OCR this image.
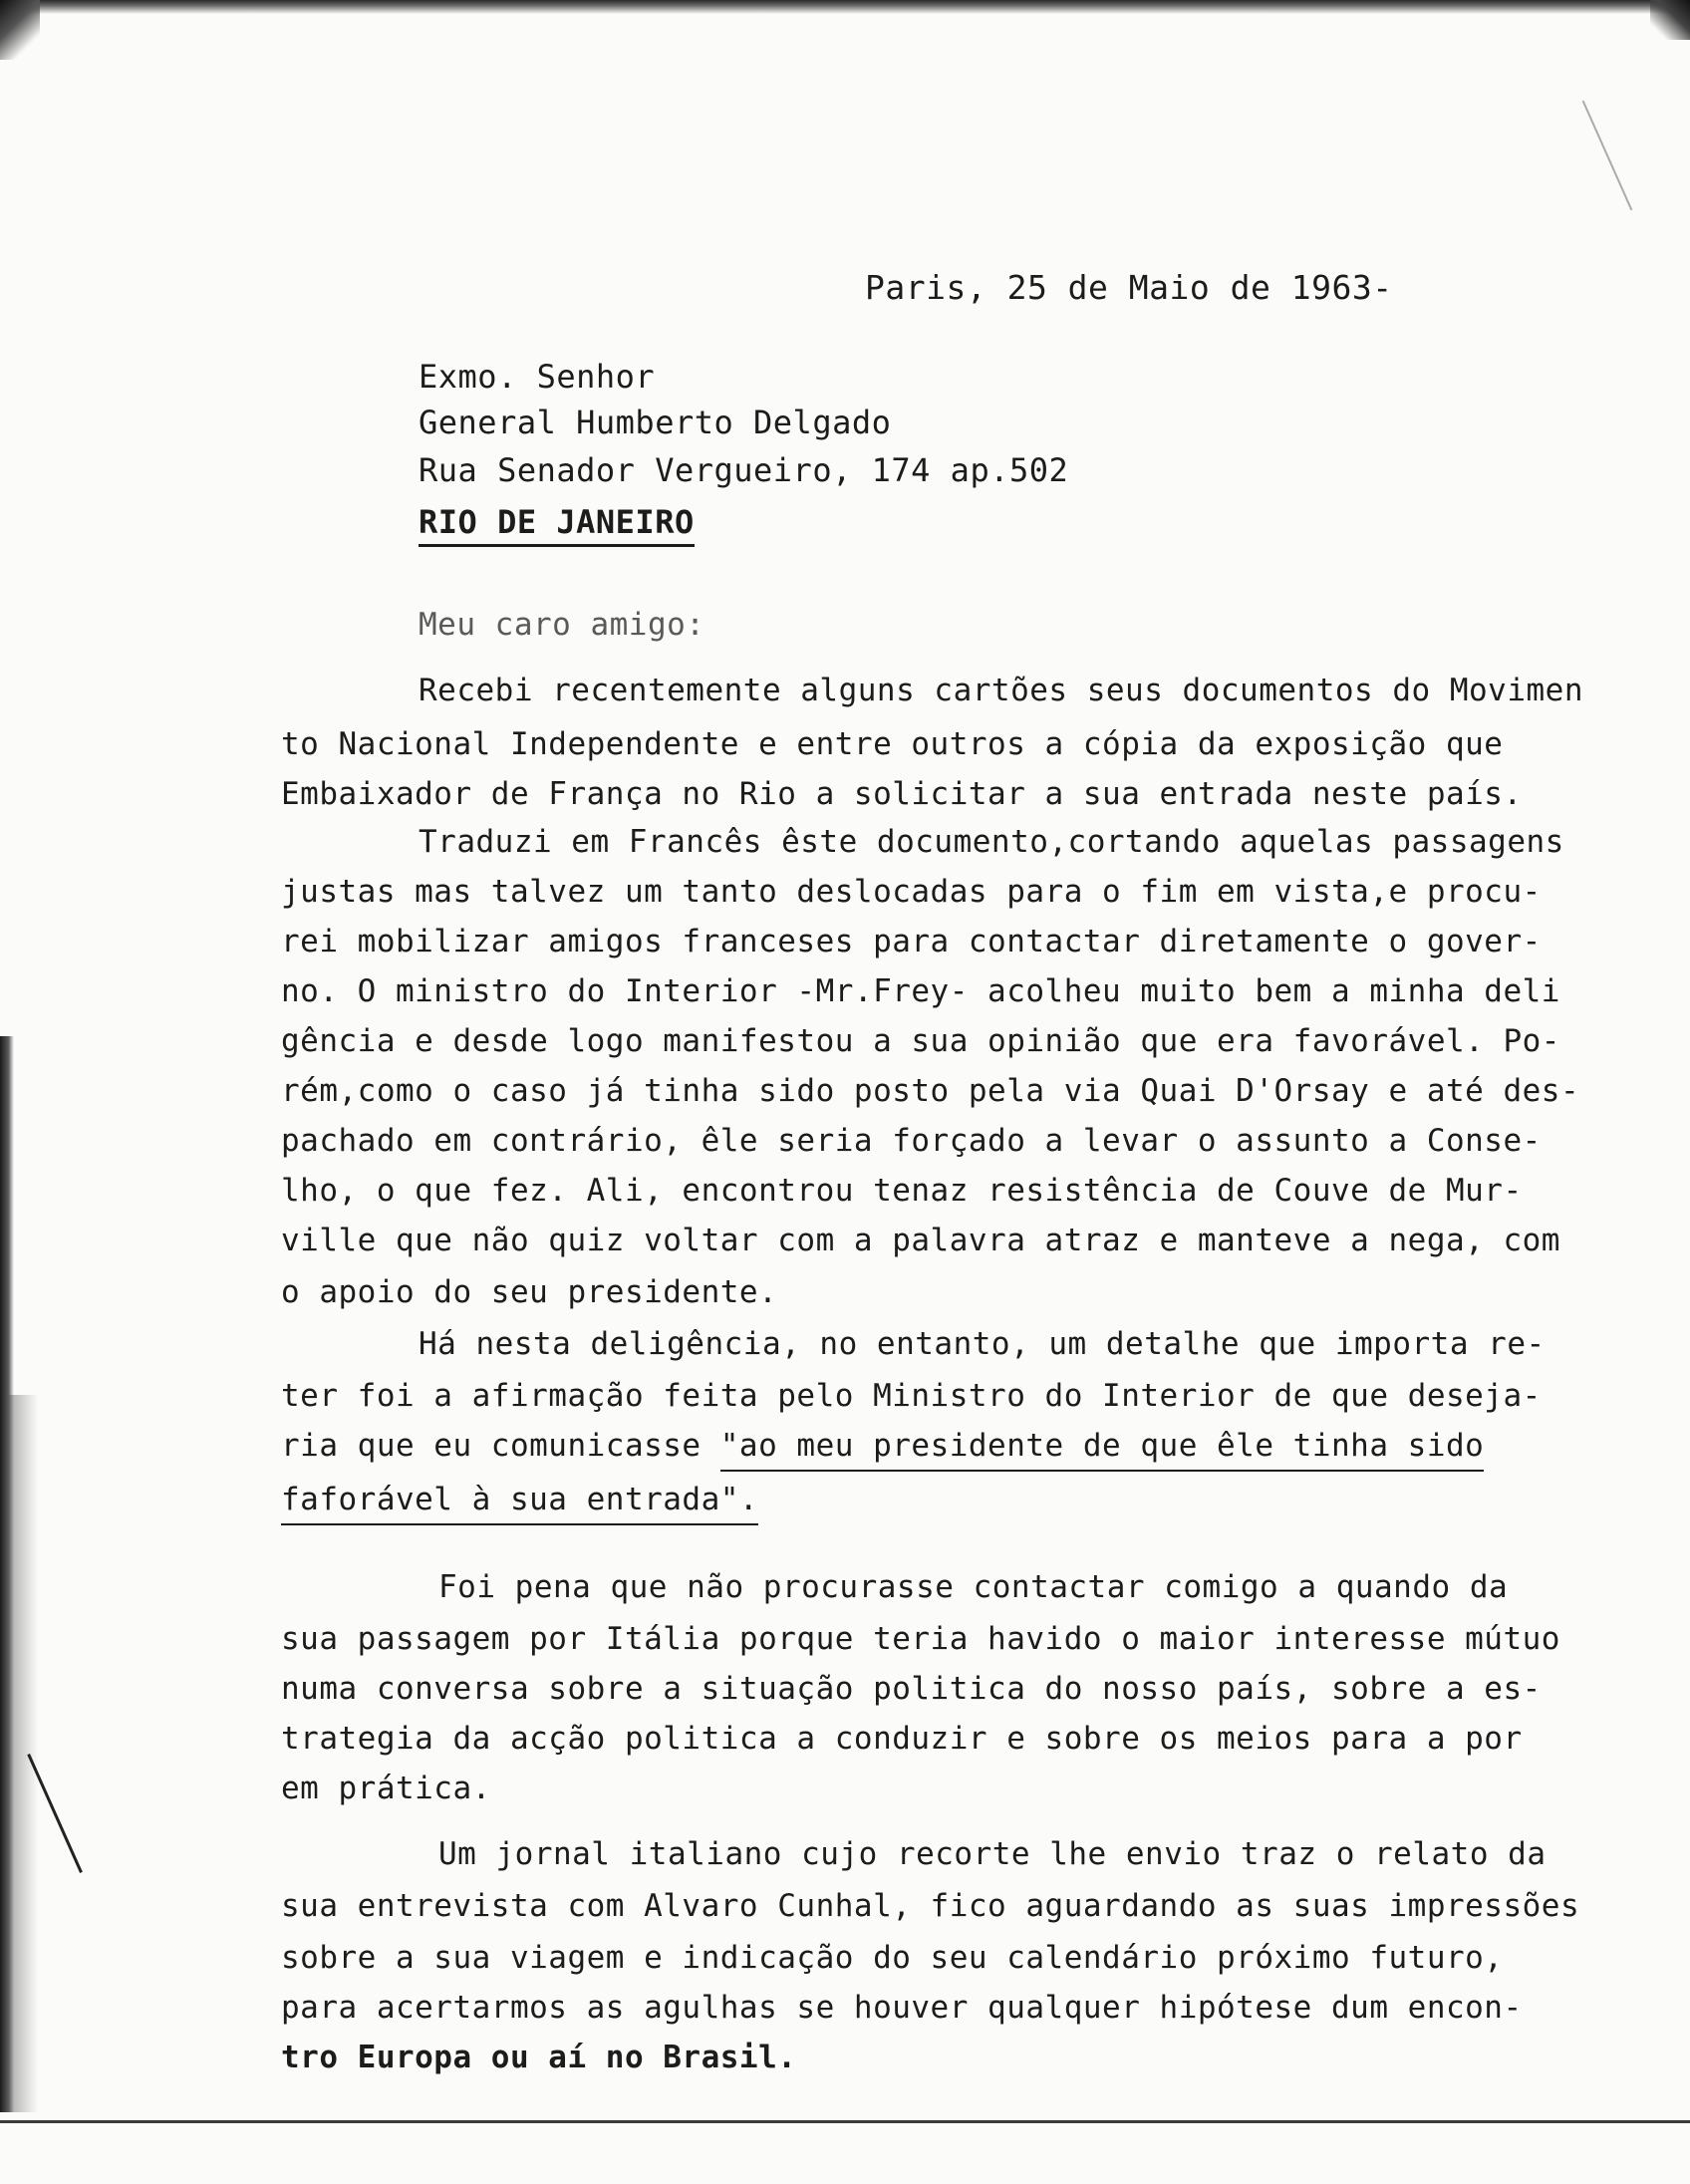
Paris, 25 de Maio de 1963-
Exmo. Senhor
General Humberto Delgado
Rua Senador Vergueiro, 174 ap.502
RIO DE JANEIRO
Meu caro amigo:
Recebi recentemente alguns cartões seus documentos do Movimen
to Nacional Independente e entre outros a cópia da exposição que
Embaixador de França no Rio a solicitar a sua entrada neste país.
Traduzi em Francês êste documento,cortando aquelas passagens
justas mas talvez um tanto deslocadas para o fim em vista,e procu-
rei mobilizar amigos franceses para contactar diretamente o gover-
no. O ministro do Interior -Mr.Frey- acolheu muito bem a minha deli
gência e desde logo manifestou a sua opinião que era favorável. Po-
rém,como o caso já tinha sido posto pela via Quai D'Orsay e até des-
pachado em contrário, êle seria forçado a levar o assunto a Conse-
lho, o que fez. Ali, encontrou tenaz resistência de Couve de Mur-
ville que não quiz voltar com a palavra atraz e manteve a nega, com
o apoio do seu presidente.
Há nesta deligência, no entanto, um detalhe que importa re-
ter foi a afirmação feita pelo Ministro do Interior de que deseja-
ria que eu comunicasse "ao meu presidente de que êle tinha sido
faforável à sua entrada".
Foi pena que não procurasse contactar comigo a quando da
sua passagem por Itália porque teria havido o maior interesse mútuo
numa conversa sobre a situação politica do nosso país, sobre a es-
trategia da acção politica a conduzir e sobre os meios para a por
em prática.
Um jornal italiano cujo recorte lhe envio traz o relato da
sua entrevista com Alvaro Cunhal, fico aguardando as suas impressões
sobre a sua viagem e indicação do seu calendário próximo futuro,
para acertarmos as agulhas se houver qualquer hipótese dum encon-
tro Europa ou aí no Brasil.
